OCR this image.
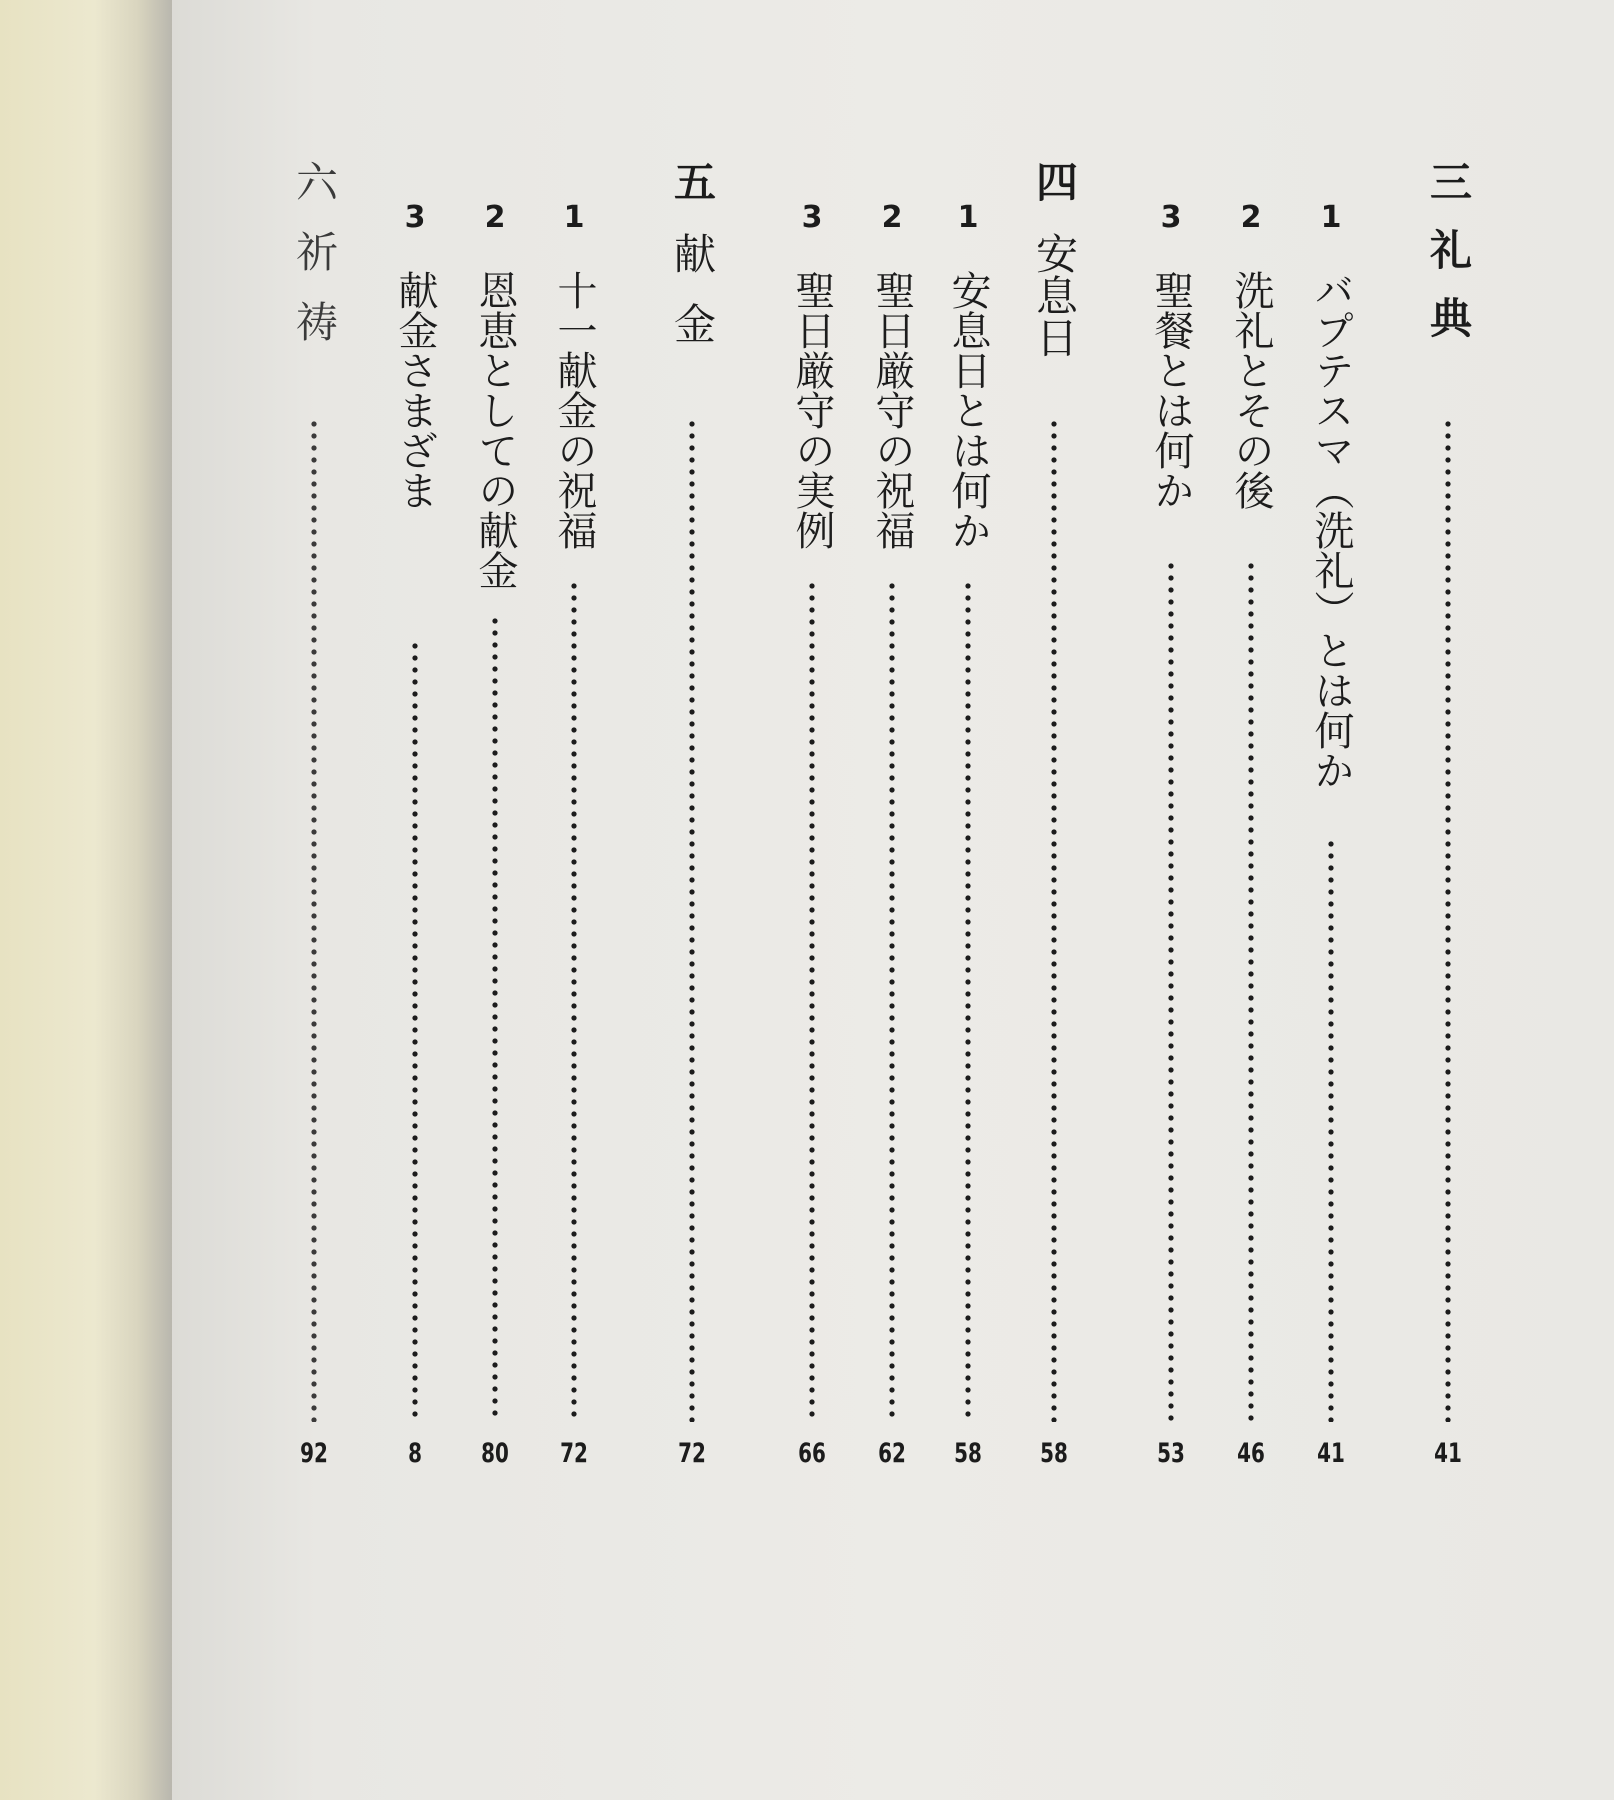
三礼典
41
1
バプテスマ（洗礼）とは何か
41
2
洗礼とその後
46
3
聖餐とは何か
53
四安息日
58
1
安息日とは何か
58
2
聖日厳守の祝福
62
3
聖日厳守の実例
66
五献金
72
1
十一献金の祝福
72
2
恩恵としての献金
80
3
献金さまざま
8
六祈祷
92
